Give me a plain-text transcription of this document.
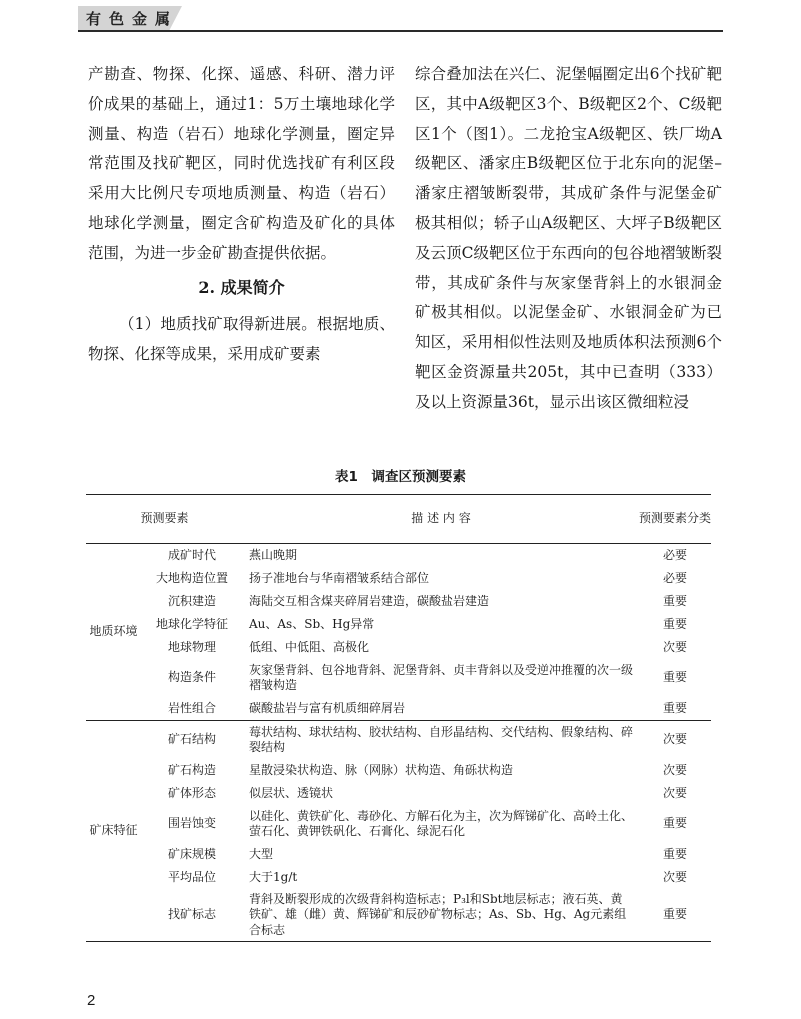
有色金属

产勘查、物探、化探、遥感、科研、潜力评价成果的基础上，通过1：5万土壤地球化学测量、构造（岩石）地球化学测量，圈定异常范围及找矿靶区，同时优选找矿有利区段采用大比例尺专项地质测量、构造（岩石）地球化学测量，圈定含矿构造及矿化的具体范围，为进一步金矿勘查提供依据。

2. 成果简介

（1）地质找矿取得新进展。根据地质、物探、化探等成果，采用成矿要素

综合叠加法在兴仁、泥堡幅圈定出6个找矿靶区，其中A级靶区3个、B级靶区2个、C级靶区1个（图1）。二龙抢宝A级靶区、铁厂坳A级靶区、潘家庄B级靶区位于北东向的泥堡–潘家庄褶皱断裂带，其成矿条件与泥堡金矿极其相似；轿子山A级靶区、大坪子B级靶区及云顶C级靶区位于东西向的包谷地褶皱断裂带，其成矿条件与灰家堡背斜上的水银洞金矿极其相似。以泥堡金矿、水银洞金矿为已知区，采用相似性法则及地质体积法预测6个靶区金资源量共205t，其中已查明（333）及以上资源量36t，显示出该区微细粒浸

表1　调查区预测要素
预测要素		描 述 内 容	预测要素分类
地质环境	成矿时代	燕山晚期	必要
	大地构造位置	扬子准地台与华南褶皱系结合部位	必要
	沉积建造	海陆交互相含煤夹碎屑岩建造，碳酸盐岩建造	重要
	地球化学特征	Au、As、Sb、Hg异常	重要
	地球物理	低组、中低阻、高极化	次要
	构造条件	灰家堡背斜、包谷地背斜、泥堡背斜、贞丰背斜以及受逆冲推覆的次一级褶皱构造	重要
	岩性组合	碳酸盐岩与富有机质细碎屑岩	重要
矿床特征	矿石结构	莓状结构、球状结构、胶状结构、自形晶结构、交代结构、假象结构、碎裂结构	次要
	矿石构造	星散浸染状构造、脉（网脉）状构造、角砾状构造	次要
	矿体形态	似层状、透镜状	次要
	围岩蚀变	以硅化、黄铁矿化、毒砂化、方解石化为主，次为辉锑矿化、高岭土化、萤石化、黄钾铁矾化、石膏化、绿泥石化	重要
	矿床规模	大型	重要
	平均品位	大于1g/t	次要
	找矿标志	背斜及断裂形成的次级背斜构造标志；P₃l和Sbt地层标志；液石英、黄铁矿、雄（雌）黄、辉锑矿和辰砂矿物标志；As、Sb、Hg、Ag元素组合标志	重要
2
